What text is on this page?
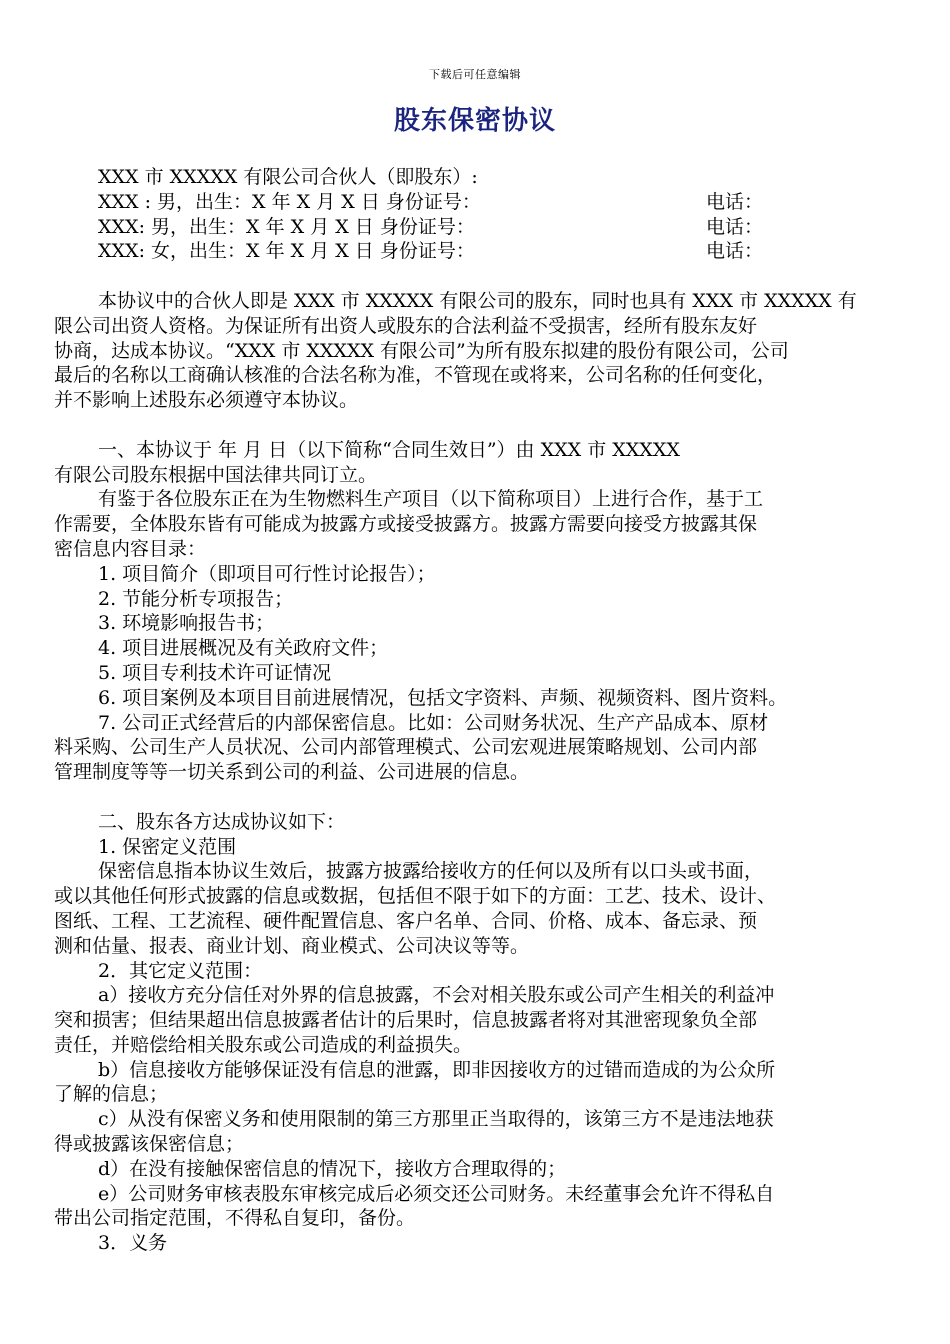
下载后可任意编辑
股东保密协议
XXX 市 XXXXX 有限公司合伙人（即股东）:
XXX : 男，出生：X 年 X 月 X 日 身份证号：	电话：
XXX: 男，出生：X 年 X 月 X 日 身份证号：	电话：
XXX: 女，出生：X 年 X 月 X 日 身份证号：	电话：
本协议中的合伙人即是 XXX 市 XXXXX 有限公司的股东，同时也具有 XXX 市 XXXXX 有
限公司出资人资格。为保证所有出资人或股东的合法利益不受损害，经所有股东友好
协商，达成本协议。“XXX 市 XXXXX 有限公司”为所有股东拟建的股份有限公司，公司
最后的名称以工商确认核准的合法名称为准，不管现在或将来，公司名称的任何变化，
并不影响上述股东必须遵守本协议。
一、本协议于 年 月 日（以下简称“合同生效日”）由 XXX 市 XXXXX
有限公司股东根据中国法律共同订立。
有鉴于各位股东正在为生物燃料生产项目（以下简称项目）上进行合作，基于工
作需要，全体股东皆有可能成为披露方或接受披露方。披露方需要向接受方披露其保
密信息内容目录：
1. 项目简介（即项目可行性讨论报告）；
2. 节能分析专项报告；
3. 环境影响报告书；
4. 项目进展概况及有关政府文件；
5. 项目专利技术许可证情况
6. 项目案例及本项目目前进展情况，包括文字资料、声频、视频资料、图片资料。
7. 公司正式经营后的内部保密信息。比如：公司财务状况、生产产品成本、原材
料采购、公司生产人员状况、公司内部管理模式、公司宏观进展策略规划、公司内部
管理制度等等一切关系到公司的利益、公司进展的信息。
二、股东各方达成协议如下：
1. 保密定义范围
保密信息指本协议生效后，披露方披露给接收方的任何以及所有以口头或书面，
或以其他任何形式披露的信息或数据，包括但不限于如下的方面：工艺、技术、设计、
图纸、工程、工艺流程、硬件配置信息、客户名单、合同、价格、成本、备忘录、预
测和估量、报表、商业计划、商业模式、公司决议等等。
2．其它定义范围：
a）接收方充分信任对外界的信息披露，不会对相关股东或公司产生相关的利益冲
突和损害；但结果超出信息披露者估计的后果时，信息披露者将对其泄密现象负全部
责任，并赔偿给相关股东或公司造成的利益损失。
b）信息接收方能够保证没有信息的泄露，即非因接收方的过错而造成的为公众所
了解的信息；
c）从没有保密义务和使用限制的第三方那里正当取得的，该第三方不是违法地获
得或披露该保密信息；
d）在没有接触保密信息的情况下，接收方合理取得的；
e）公司财务审核表股东审核完成后必须交还公司财务。未经董事会允许不得私自
带出公司指定范围，不得私自复印，备份。
3．义务
